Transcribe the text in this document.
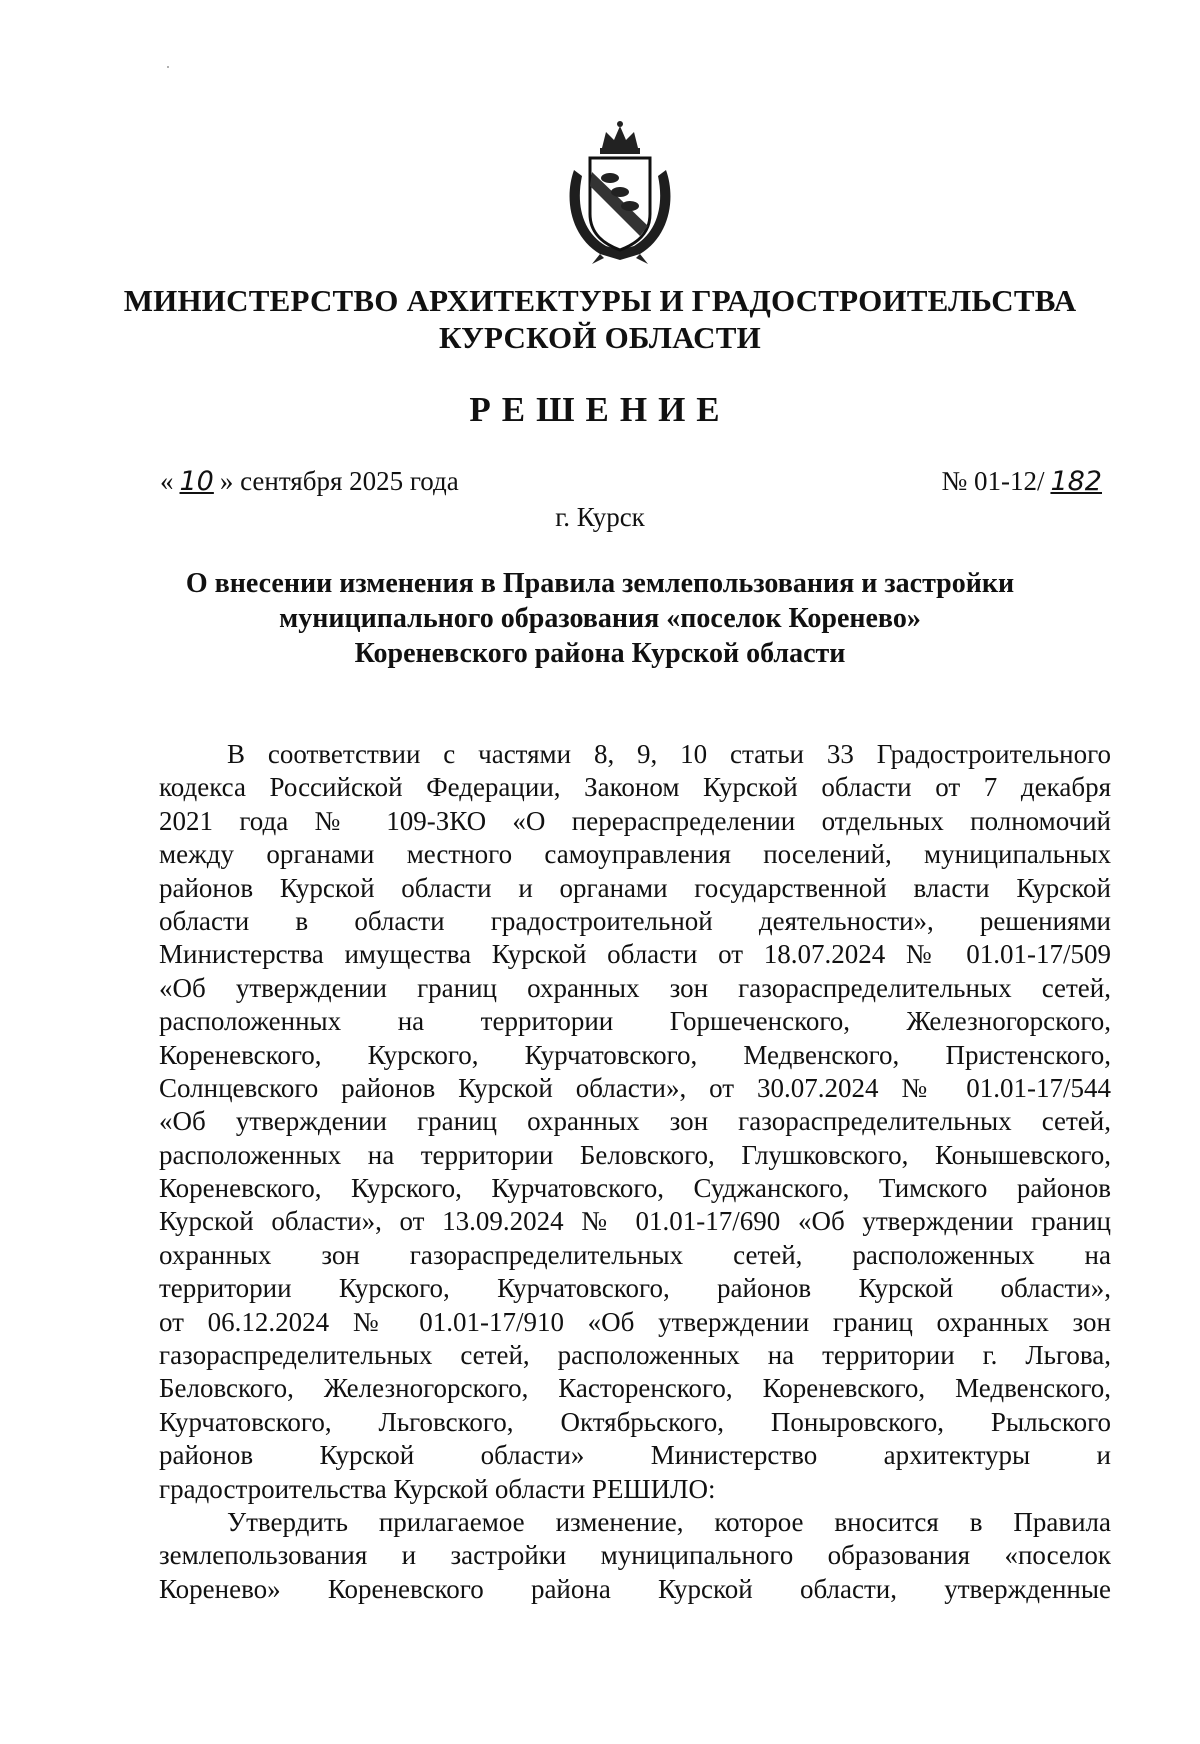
МИНИСТЕРСТВО АРХИТЕКТУРЫ И ГРАДОСТРОИТЕЛЬСТВА
КУРСКОЙ ОБЛАСТИ
РЕШЕНИЕ
« 10 » сентября 2025 года	№ 01-12/ 182
г. Курск
О внесении изменения в Правила землепользования и застройки
муниципального образования «поселок Коренево»
Кореневского района Курской области
В соответствии с частями 8, 9, 10 статьи 33 Градостроительного
кодекса Российской Федерации, Законом Курской области от 7 декабря
2021 года № 109-ЗКО «О перераспределении отдельных полномочий
между органами местного самоуправления поселений, муниципальных
районов Курской области и органами государственной власти Курской
области в области градостроительной деятельности», решениями
Министерства имущества Курской области от 18.07.2024 № 01.01-17/509
«Об утверждении границ охранных зон газораспределительных сетей,
расположенных на территории Горшеченского, Железногорского,
Кореневского, Курского, Курчатовского, Медвенского, Пристенского,
Солнцевского районов Курской области», от 30.07.2024 № 01.01-17/544
«Об утверждении границ охранных зон газораспределительных сетей,
расположенных на территории Беловского, Глушковского, Конышевского,
Кореневского, Курского, Курчатовского, Суджанского, Тимского районов
Курской области», от 13.09.2024 № 01.01-17/690 «Об утверждении границ
охранных зон газораспределительных сетей, расположенных на
территории Курского, Курчатовского, районов Курской области»,
от 06.12.2024 № 01.01-17/910 «Об утверждении границ охранных зон
газораспределительных сетей, расположенных на территории г. Льгова,
Беловского, Железногорского, Касторенского, Кореневского, Медвенского,
Курчатовского, Льговского, Октябрьского, Поныровского, Рыльского
районов Курской области» Министерство архитектуры и
градостроительства Курской области РЕШИЛО:
Утвердить прилагаемое изменение, которое вносится в Правила
землепользования и застройки муниципального образования «поселок
Коренево» Кореневского района Курской области, утвержденные
